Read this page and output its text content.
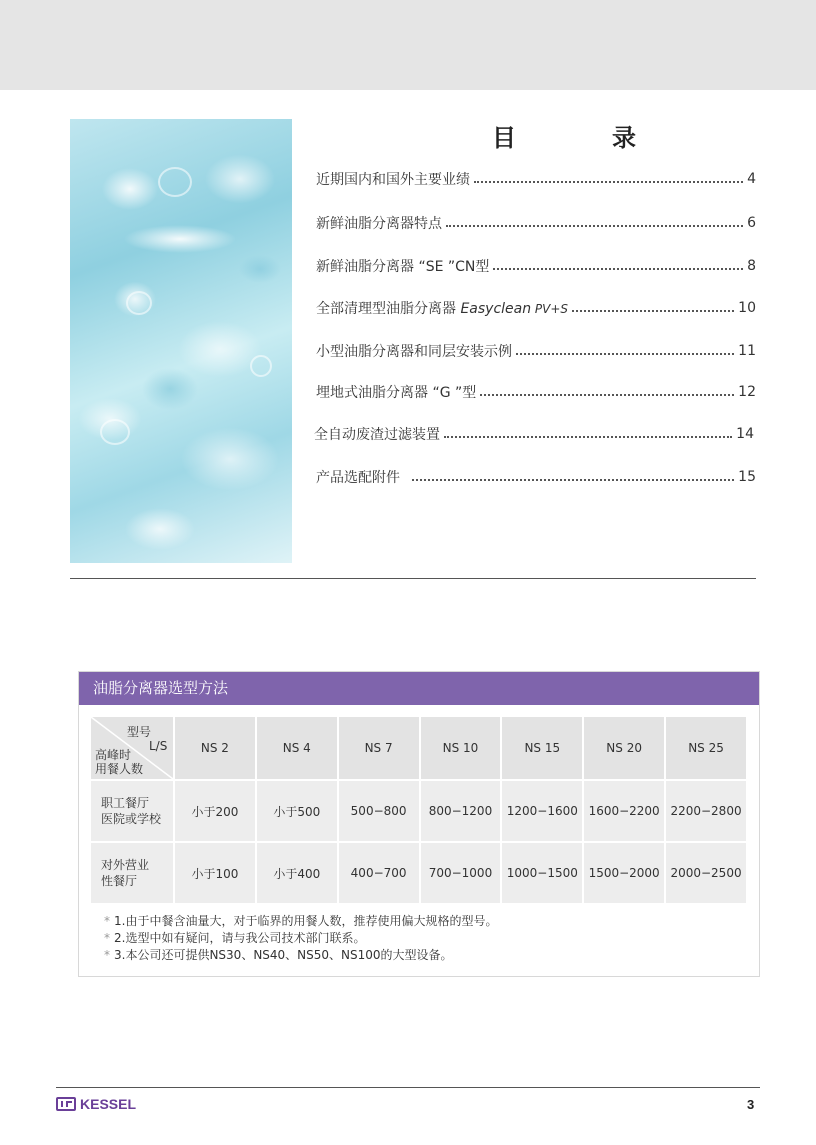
目　录
近期国内和国外主要业绩	4
新鲜油脂分离器特点	6
新鲜油脂分离器 “SE ”CN型	8
全部清理型油脂分离器 Easyclean PV+S	10
小型油脂分离器和同层安装示例	11
埋地式油脂分离器 “G ”型	12
全自动废渣过滤装置	14
产品选配附件	15
油脂分离器选型方法
型号
L/S
高峰时
用餐人数	NS 2	NS 4	NS 7	NS 10	NS 15	NS 20	NS 25
职工餐厅
医院或学校	小于200	小于500	500−800	800−1200	1200−1600	1600−2200	2200−2800
对外营业
性餐厅	小于100	小于400	400−700	700−1000	1000−1500	1500−2000	2000−2500
* 1.由于中餐含油量大，对于临界的用餐人数，推荐使用偏大规格的型号。
* 2.选型中如有疑问，请与我公司技术部门联系。
* 3.本公司还可提供NS30、NS40、NS50、NS100的大型设备。
KESSEL	3
